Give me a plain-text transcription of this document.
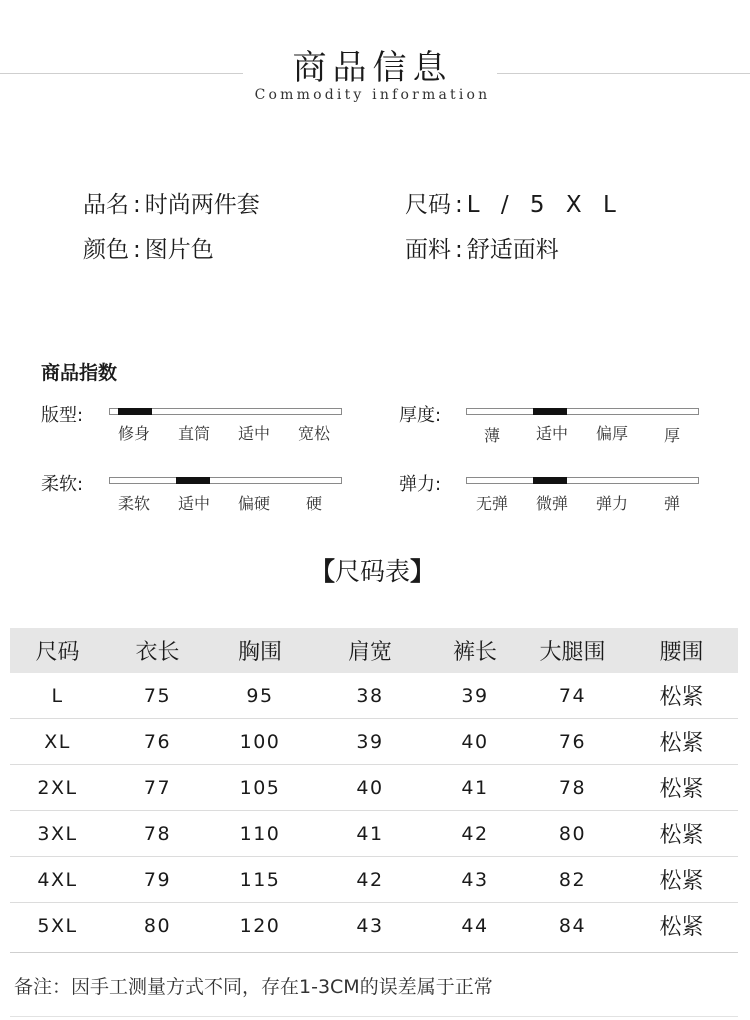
商品信息
Commodity information
品名 : 时尚两件套	尺码 : L / 5 X L
颜色 : 图片色	面料 : 舒适面料
商品指数
版型:
修身 直筒 适中 宽松
厚度:
薄 适中 偏厚 厚
柔软:
柔软 适中 偏硬 硬
弹力:
无弹 微弹 弹力 弹
【尺码表】
尺码	衣长	胸围	肩宽	裤长	大腿围	腰围
L	75	95	38	39	74	松紧
XL	76	100	39	40	76	松紧
2XL	77	105	40	41	78	松紧
3XL	78	110	41	42	80	松紧
4XL	79	115	42	43	82	松紧
5XL	80	120	43	44	84	松紧
备注：因手工测量方式不同，存在1-3CM的误差属于正常
